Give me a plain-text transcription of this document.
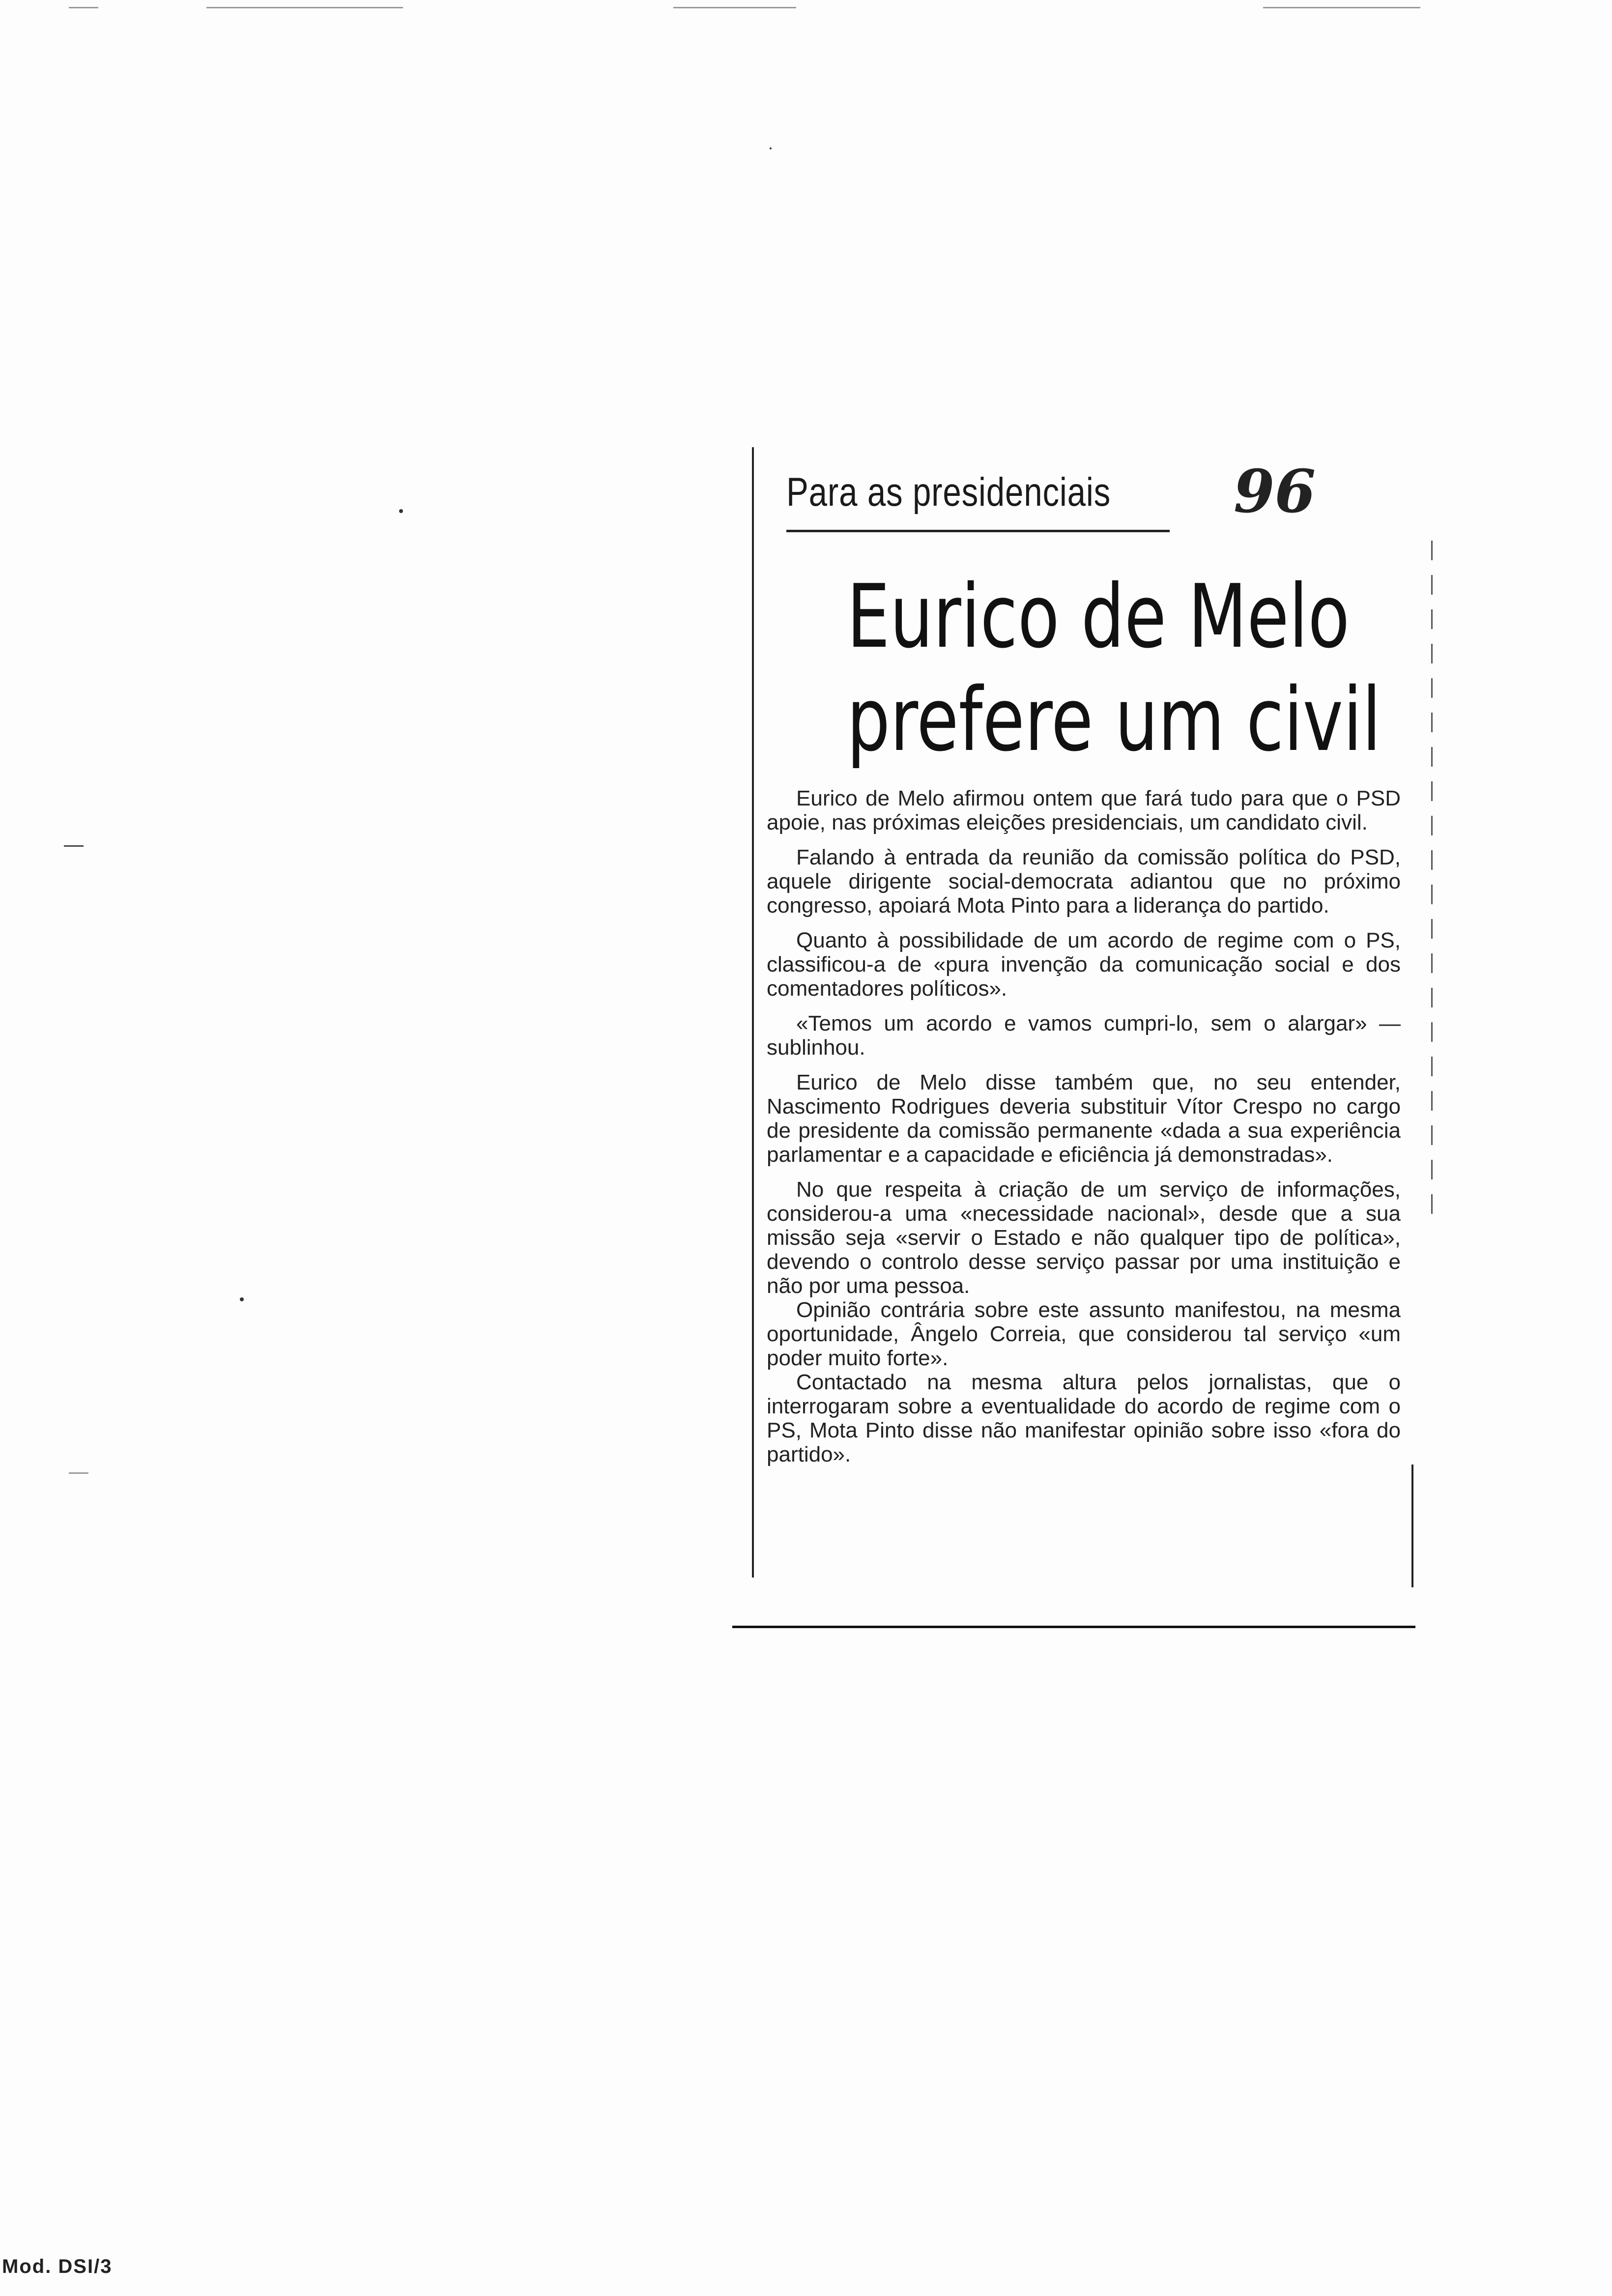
Para as presidenciais 96
Eurico de Melo
prefere um civil

Eurico de Melo afirmou ontem que fará tudo para que o PSD apoie, nas próximas eleições presidenciais, um candidato civil.

Falando à entrada da reunião da comissão política do PSD, aquele dirigente social-democrata adiantou que no próximo congresso, apoiará Mota Pinto para a liderança do partido.

Quanto à possibilidade de um acordo de regime com o PS, classificou-a de «pura invenção da comunicação social e dos comentadores políticos».

«Temos um acordo e vamos cumpri-lo, sem o alargar» — sublinhou.

Eurico de Melo disse também que, no seu entender, Nascimento Rodrigues deveria substituir Vítor Crespo no cargo de presidente da comissão permanente «dada a sua experiência parlamentar e a capacidade e eficiência já demonstradas».

No que respeita à criação de um serviço de informações, considerou-a uma «necessidade nacional», desde que a sua missão seja «servir o Estado e não qualquer tipo de política», devendo o controlo desse serviço passar por uma instituição e não por uma pessoa.

Opinião contrária sobre este assunto manifestou, na mesma oportunidade, Ângelo Correia, que considerou tal serviço «um poder muito forte».

Contactado na mesma altura pelos jornalistas, que o interrogaram sobre a eventualidade do acordo de regime com o PS, Mota Pinto disse não manifestar opinião sobre isso «fora do partido».

Mod. DSI/3
